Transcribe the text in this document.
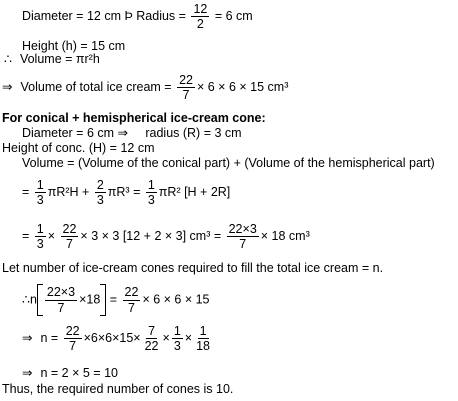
Diameter = 12 cm Þ Radius = $\frac{12}{2} = 6$ cm
Height (h) = 15 cm
∴ Volume = πr²h
⇒ Volume of total ice cream = $\frac{22}{7} \times 6 \times 6 \times 15$ cm³
For conical + hemispherical ice-cream cone:
Diameter = 6 cm ⇒     radius (R) = 3 cm
Height of conc. (H) = 12 cm
Volume = (Volume of the conical part) + (Volume of the hemispherical part)
= $\frac{1}{3} \pi R^2H + \frac{2}{3} \pi R^3 = \frac{1}{3} \pi R^2$ [H + 2R]
= $\frac{1}{3} \times \frac{22}{7} \times 3 \times 3$ [12 + 2 × 3] $cm^3 = \frac{22\times 3}{7} \times 18$ cm³
Let number of ice-cream cones required to fill the total ice cream = n.
∴n $\frac{22\times 3}{7} \times 18 = \frac{22}{7} \times 6 \times 6 \times 15$
⇒ $n = \frac{22}{7} \times 6\times 6\times 15\times \frac{7}{22} \times \frac{1}{3} \times \frac{1}{18}$
⇒ n = 2 × 5 = 10
Thus, the required number of cones is 10.
